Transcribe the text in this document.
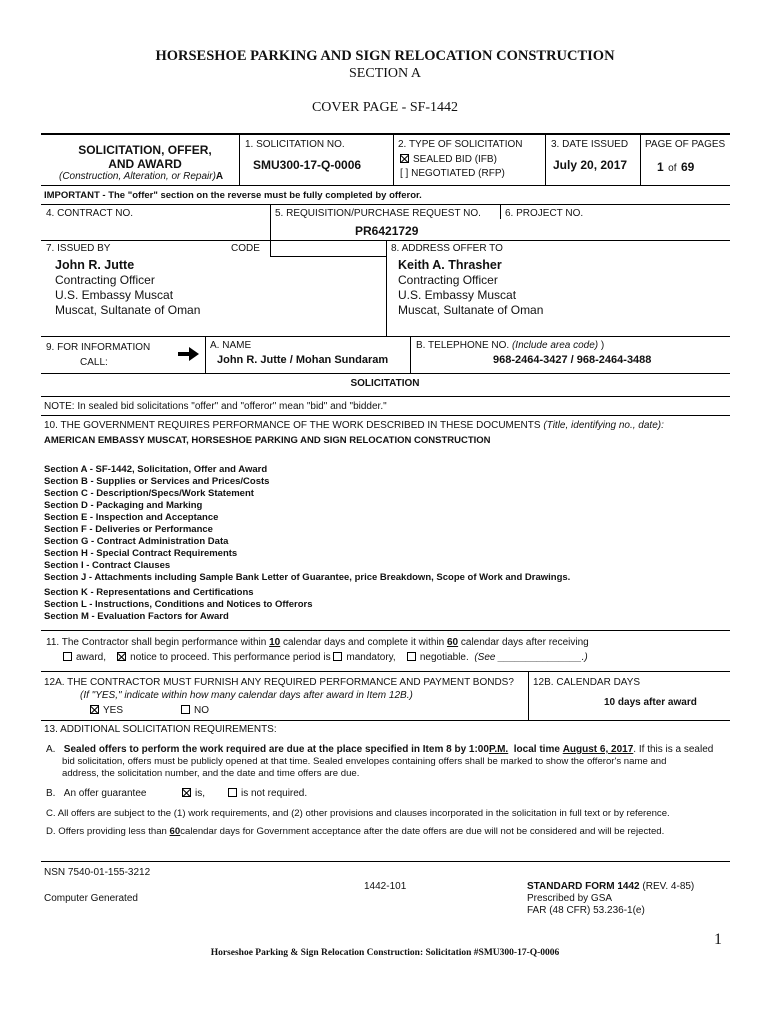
HORSESHOE PARKING AND SIGN RELOCATION CONSTRUCTION
SECTION A
COVER PAGE - SF-1442
SOLICITATION, OFFER,
AND AWARD
(Construction, Alteration, or Repair)A
1. SOLICITATION NO.
SMU300-17-Q-0006
2. TYPE OF SOLICITATION
SEALED BID (IFB)
[ ] NEGOTIATED (RFP)
3. DATE ISSUED
July 20, 2017
PAGE OF PAGES
1 of 69
IMPORTANT - The "offer" section on the reverse must be fully completed by offeror.
4. CONTRACT NO.	5. REQUISITION/PURCHASE REQUEST NO.
PR6421729
6. PROJECT NO.
7. ISSUED BY	CODE
John R. Jutte
Contracting Officer
U.S. Embassy Muscat
Muscat, Sultanate of Oman
8. ADDRESS OFFER TO
Keith A. Thrasher
Contracting Officer
U.S. Embassy Muscat
Muscat, Sultanate of Oman
9. FOR INFORMATION
CALL:
A. NAME
John R. Jutte / Mohan Sundaram
B. TELEPHONE NO. (Include area code) )
968-2464-3427 / 968-2464-3488
SOLICITATION
NOTE: In sealed bid solicitations "offer" and "offeror" mean "bid" and "bidder."
10. THE GOVERNMENT REQUIRES PERFORMANCE OF THE WORK DESCRIBED IN THESE DOCUMENTS (Title, identifying no., date):
AMERICAN EMBASSY MUSCAT, HORSESHOE PARKING AND SIGN RELOCATION CONSTRUCTION
Section A - SF-1442, Solicitation, Offer and Award
Section B - Supplies or Services and Prices/Costs
Section C - Description/Specs/Work Statement
Section D - Packaging and Marking
Section E - Inspection and Acceptance
Section F - Deliveries or Performance
Section G - Contract Administration Data
Section H - Special Contract Requirements
Section I - Contract Clauses
Section J - Attachments including Sample Bank Letter of Guarantee, price Breakdown, Scope of Work and Drawings.
Section K - Representations and Certifications
Section L - Instructions, Conditions and Notices to Offerors
Section M - Evaluation Factors for Award
11. The Contractor shall begin performance within 10 calendar days and complete it within 60 calendar days after receiving
award, notice to proceed. This performance period is mandatory, negotiable. (See _______________.)
12A. THE CONTRACTOR MUST FURNISH ANY REQUIRED PERFORMANCE AND PAYMENT BONDS?
(If "YES," indicate within how many calendar days after award in Item 12B.)
YES	NO
12B. CALENDAR DAYS
10 days after award
13. ADDITIONAL SOLICITATION REQUIREMENTS:
A. Sealed offers to perform the work required are due at the place specified in Item 8 by 1:00P.M. local time August 6, 2017. If this is a sealed
bid solicitation, offers must be publicly opened at that time. Sealed envelopes containing offers shall be marked to show the offeror's name and
address, the solicitation number, and the date and time offers are due.
B. An offer guarantee	is,	is not required.
C. All offers are subject to the (1) work requirements, and (2) other provisions and clauses incorporated in the solicitation in full text or by reference.
D. Offers providing less than 60calendar days for Government acceptance after the date offers are due will not be considered and will be rejected.
NSN 7540-01-155-3212
Computer Generated
1442-101	STANDARD FORM 1442 (REV. 4-85)
Prescribed by GSA
FAR (48 CFR) 53.236-1(e)
1
Horseshoe Parking & Sign Relocation Construction: Solicitation #SMU300-17-Q-0006
